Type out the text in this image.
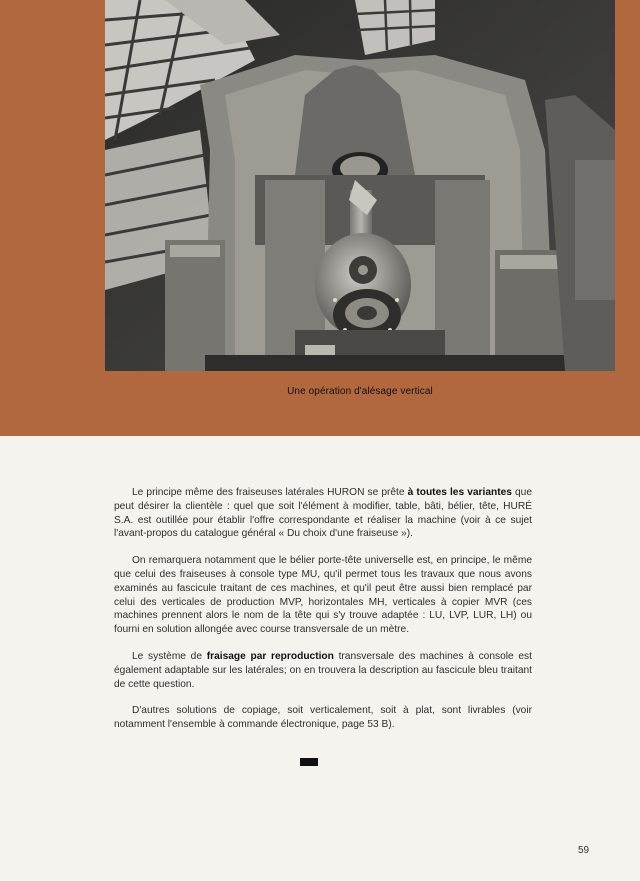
Une opération d'alésage vertical

Le principe même des fraiseuses latérales HURON se prête à toutes les variantes que peut désirer la clientèle : quel que soit l'élément à modifier, table, bâti, bélier, tête, HURÉ S.A. est outillée pour établir l'offre correspondante et réaliser la machine (voir à ce sujet l'avant-propos du catalogue général « Du choix d'une fraiseuse »).

On remarquera notamment que le bélier porte-tête universelle est, en principe, le même que celui des fraiseuses à console type MU, qu'il permet tous les travaux que nous avons examinés au fascicule traitant de ces machines, et qu'il peut être aussi bien remplacé par celui des verticales de production MVP, horizontales MH, verticales à copier MVR (ces machines prennent alors le nom de la tête qui s'y trouve adaptée : LU, LVP, LUR, LH) ou fourni en solution allongée avec course transversale de un mètre.

Le système de fraisage par reproduction transversale des machines à console est également adaptable sur les latérales; on en trouvera la description au fascicule bleu traitant de cette question.

D'autres solutions de copiage, soit verticalement, soit à plat, sont livrables (voir notamment l'ensemble à commande électronique, page 53 B).

59
